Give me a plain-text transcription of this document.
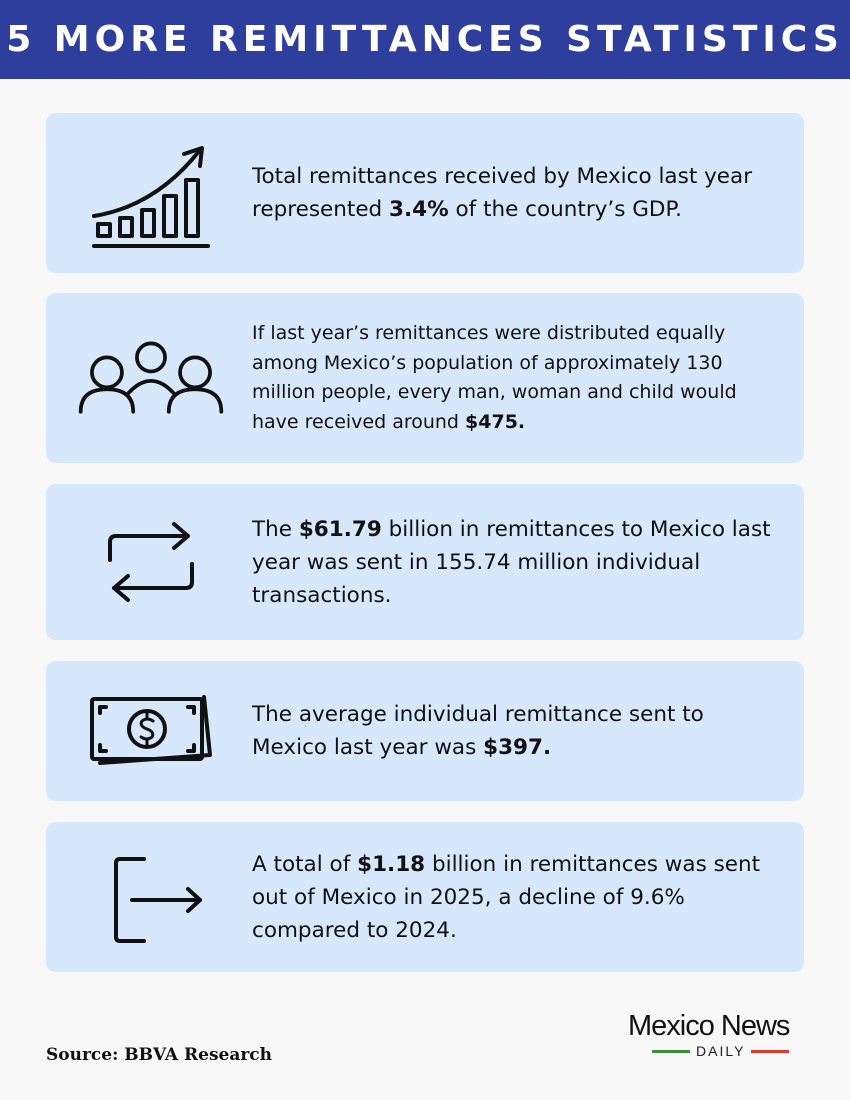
5 MORE REMITTANCES STATISTICS

Total remittances received by Mexico last year represented 3.4% of the country’s GDP.

If last year’s remittances were distributed equally among Mexico’s population of approximately 130 million people, every man, woman and child would have received around $475.

The $61.79 billion in remittances to Mexico last year was sent in 155.74 million individual transactions.

The average individual remittance sent to Mexico last year was $397.

A total of $1.18 billion in remittances was sent out of Mexico in 2025, a decline of 9.6% compared to 2024.

Source: BBVA Research
Mexico News
DAILY
